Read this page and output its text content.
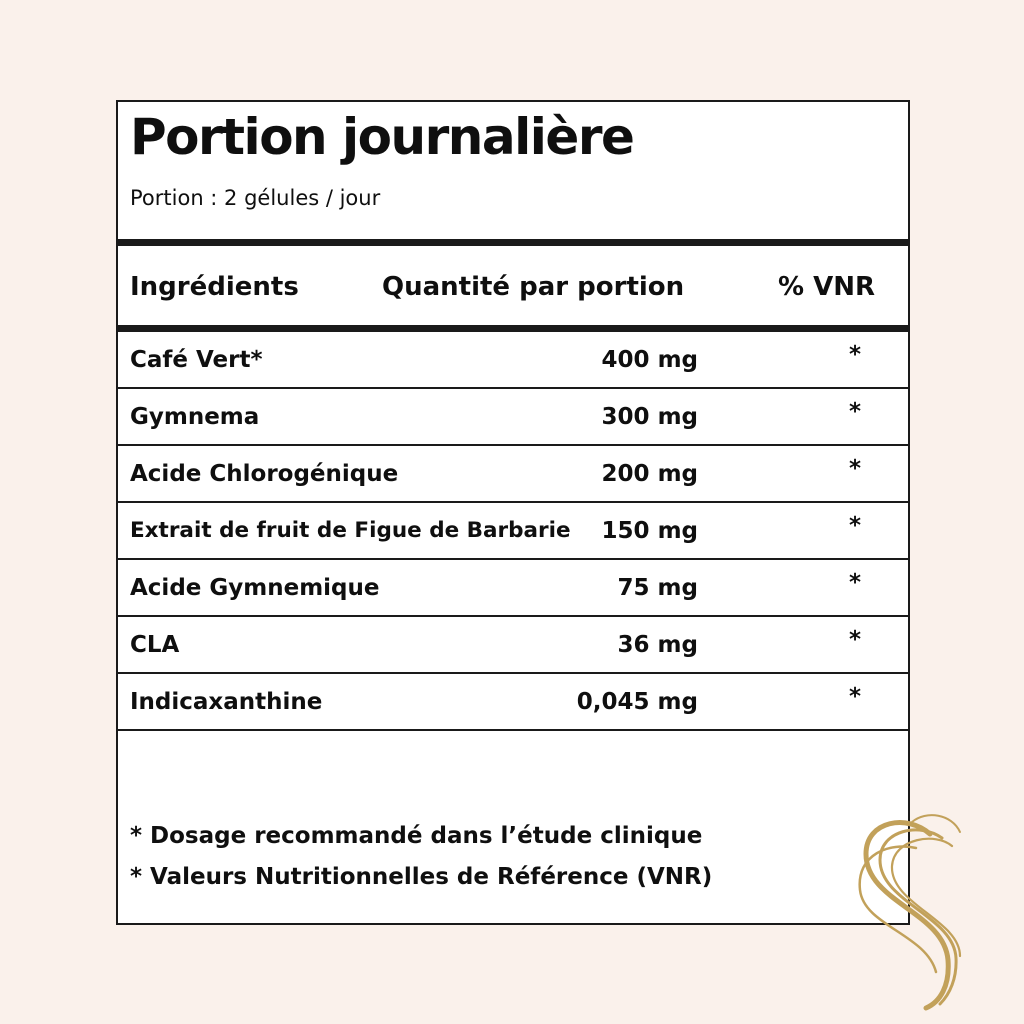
Portion journalière
Portion : 2 gélules / jour
Ingrédients	Quantité par portion	% VNR
Café Vert*	400 mg	*
Gymnema	300 mg	*
Acide Chlorogénique	200 mg	*
Extrait de fruit de Figue de Barbarie 150 mg	*
Acide Gymnemique	75 mg	*
CLA	36 mg	*
Indicaxanthine	0,045 mg	*
* Dosage recommandé dans l’étude clinique
* Valeurs Nutritionnelles de Référence (VNR)
